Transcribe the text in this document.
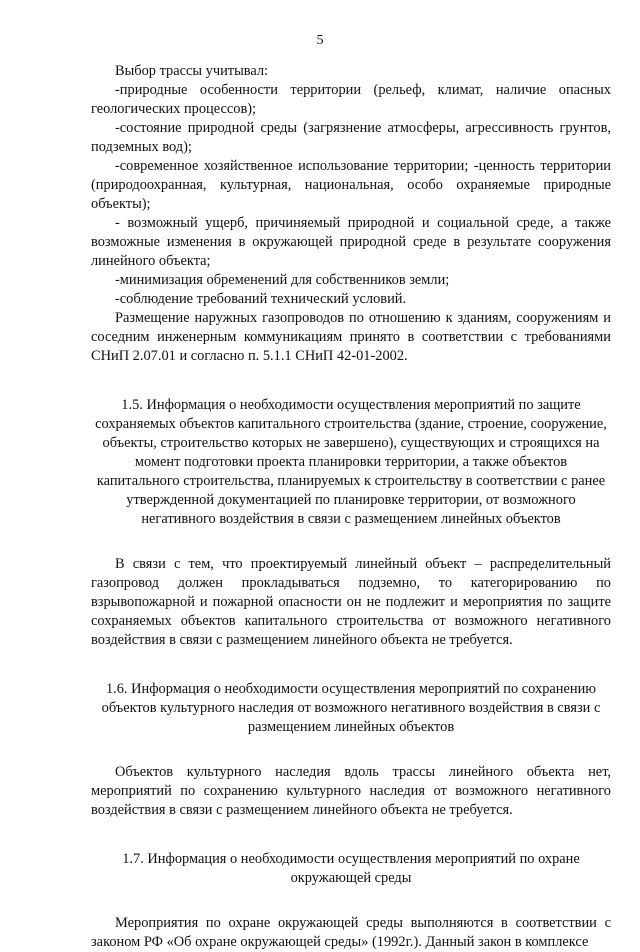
5

Выбор трассы учитывал:

-природные особенности территории (рельеф, климат, наличие опасных геологических процессов);

-состояние природной среды (загрязнение атмосферы, агрессивность грунтов, подземных вод);

-современное хозяйственное использование территории; -ценность территории (природоохранная, культурная, национальная, особо охраняемые природные объекты);

- возможный ущерб, причиняемый природной и социальной среде, а также возможные изменения в окружающей природной среде в результате сооружения линейного объекта;

-минимизация обременений для собственников земли;

-соблюдение требований технический условий.

Размещение наружных газопроводов по отношению к зданиям, сооружениям и соседним инженерным коммуникациям принято в соответствии с требованиями СНиП 2.07.01 и согласно п. 5.1.1 СНиП 42-01-2002.

1.5. Информация о необходимости осуществления мероприятий по защите сохраняемых объектов капитального строительства (здание, строение, сооружение, объекты, строительство которых не завершено), существующих и строящихся на момент подготовки проекта планировки территории, а также объектов капитального строительства, планируемых к строительству в соответствии с ранее утвержденной документацией по планировке территории, от возможного негативного воздействия в связи с размещением линейных объектов

В связи с тем, что проектируемый линейный объект – распределительный газопровод должен прокладываться подземно, то категорированию по взрывопожарной и пожарной опасности он не подлежит и мероприятия по защите сохраняемых объектов капитального строительства от возможного негативного воздействия в связи с размещением линейного объекта не требуется.

1.6. Информация о необходимости осуществления мероприятий по сохранению объектов культурного наследия от возможного негативного воздействия в связи с размещением линейных объектов

Объектов культурного наследия вдоль трассы линейного объекта нет, мероприятий по сохранению культурного наследия от возможного негативного воздействия в связи с размещением линейного объекта не требуется.

1.7. Информация о необходимости осуществления мероприятий по охране окружающей среды

Мероприятия по охране окружающей среды выполняются в соответствии с законом РФ «Об охране окружающей среды» (1992г.). Данный закон в комплексе
